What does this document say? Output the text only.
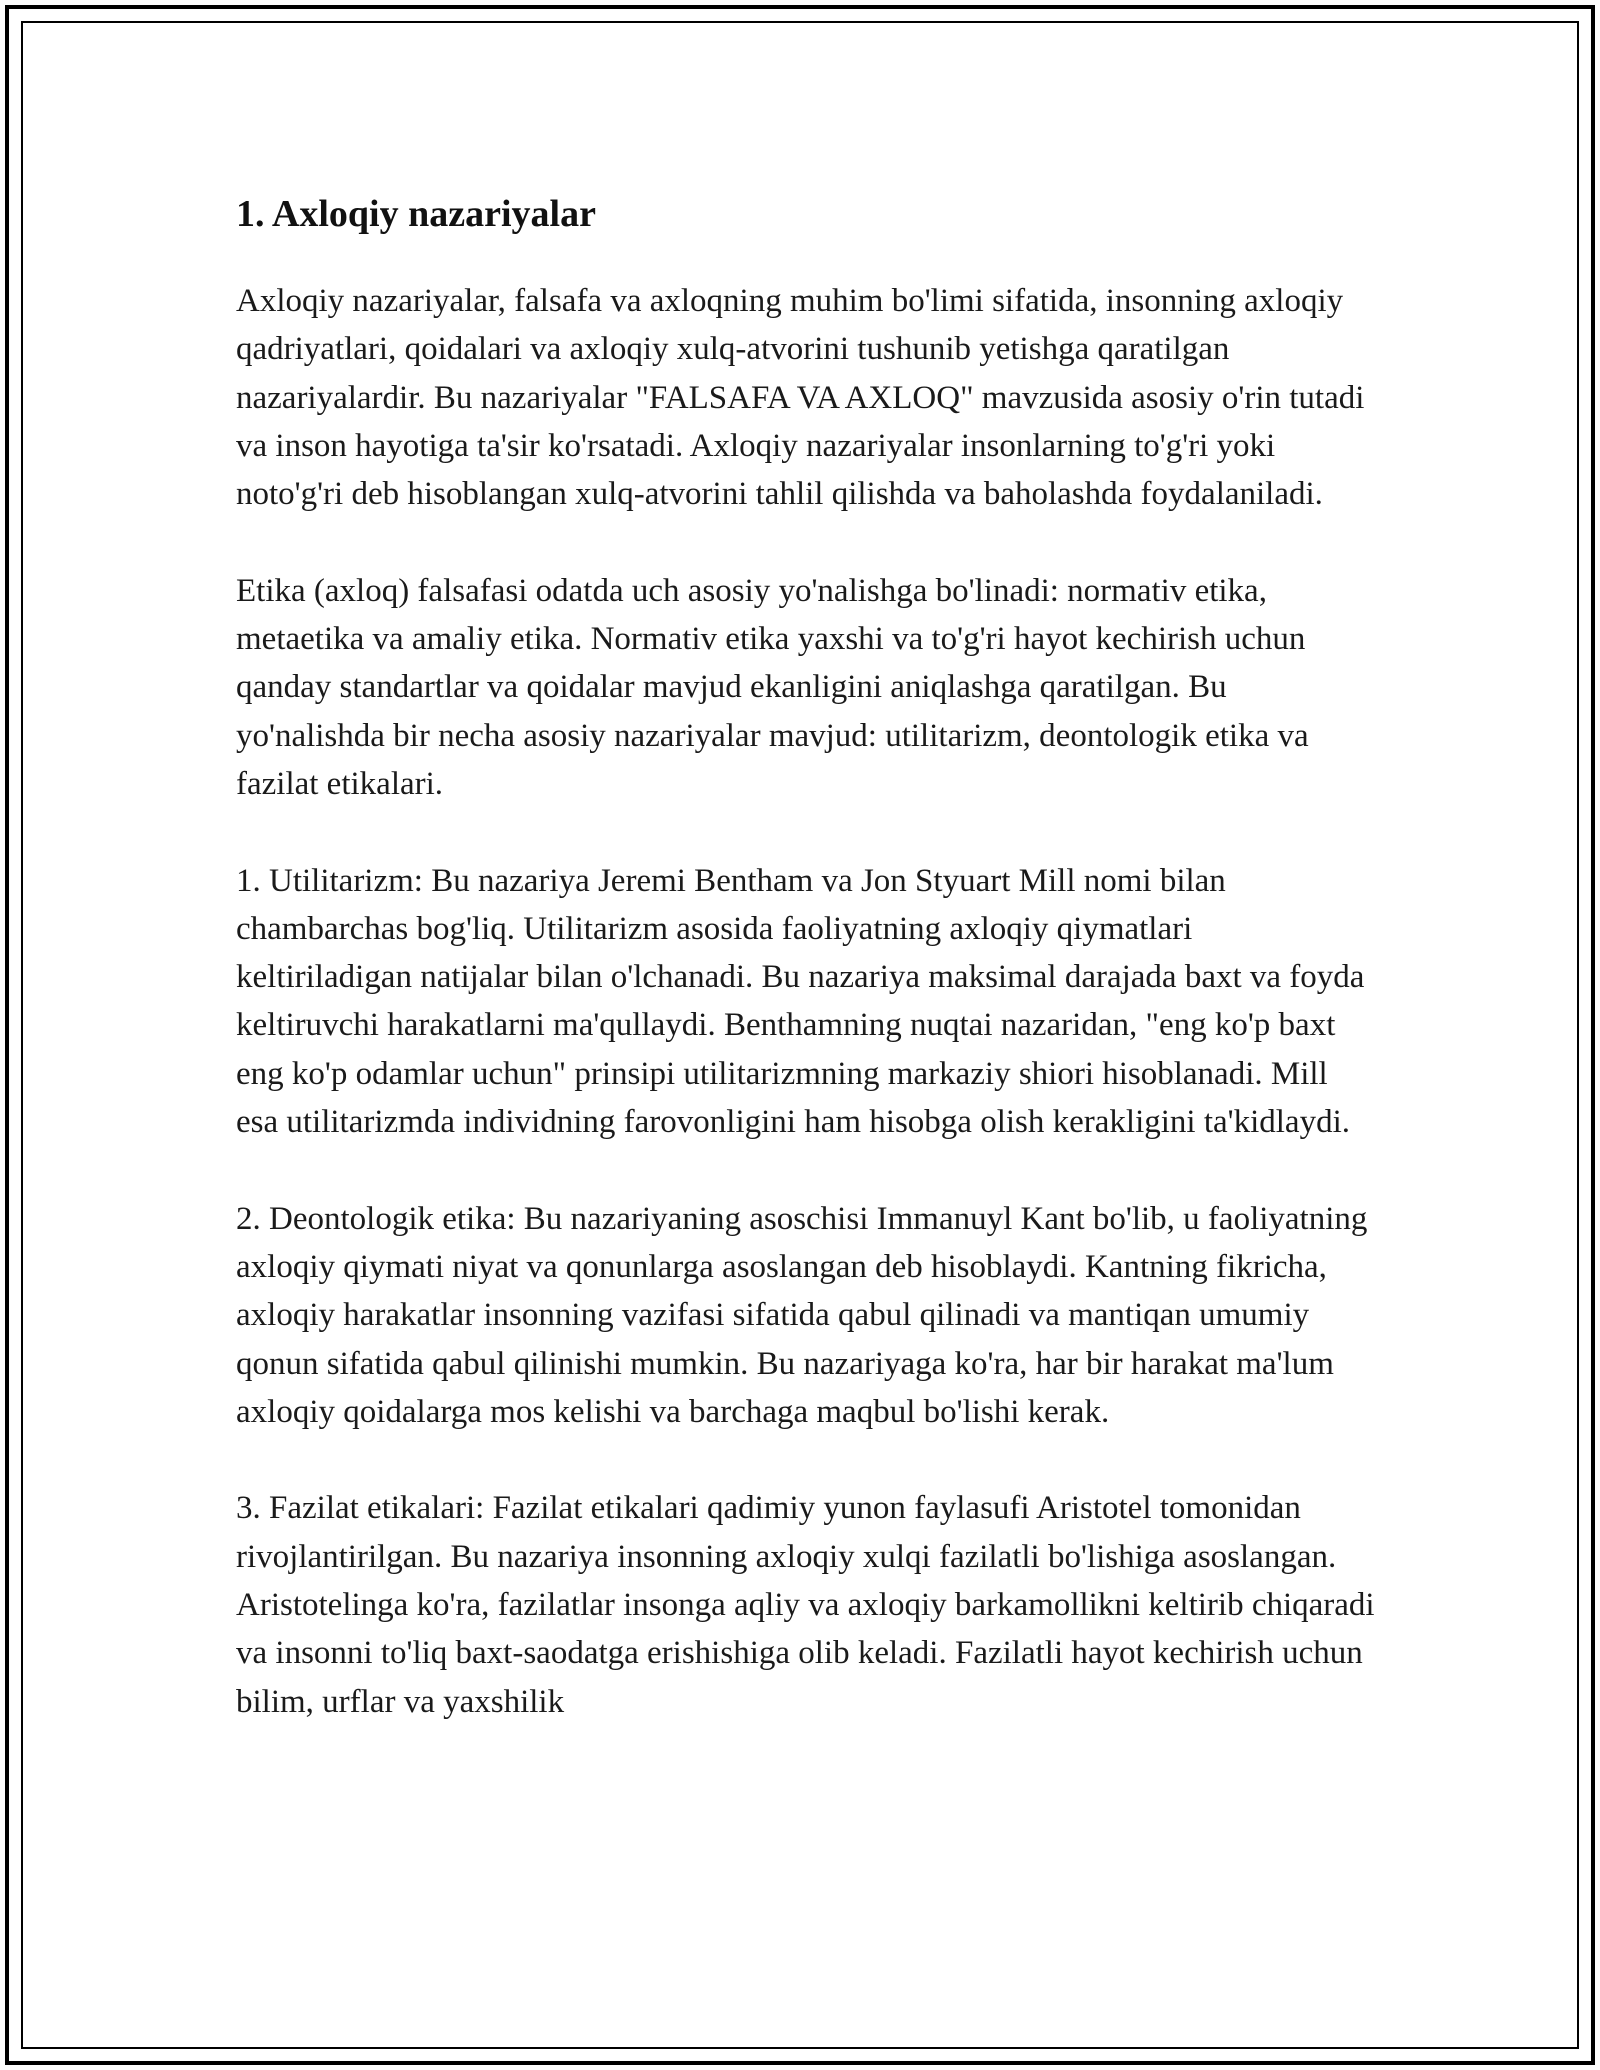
1. Axloqiy nazariyalar

Axloqiy nazariyalar, falsafa va axloqning muhim bo'limi sifatida, insonning axloqiy qadriyatlari, qoidalari va axloqiy xulq-atvorini tushunib yetishga qaratilgan nazariyalardir. Bu nazariyalar "FALSAFA VA AXLOQ" mavzusida asosiy o'rin tutadi va inson hayotiga ta'sir ko'rsatadi. Axloqiy nazariyalar insonlarning to'g'ri yoki noto'g'ri deb hisoblangan xulq-atvorini tahlil qilishda va baholashda foydalaniladi.

Etika (axloq) falsafasi odatda uch asosiy yo'nalishga bo'linadi: normativ etika, metaetika va amaliy etika. Normativ etika yaxshi va to'g'ri hayot kechirish uchun qanday standartlar va qoidalar mavjud ekanligini aniqlashga qaratilgan. Bu yo'nalishda bir necha asosiy nazariyalar mavjud: utilitarizm, deontologik etika va fazilat etikalari.

1. Utilitarizm: Bu nazariya Jeremi Bentham va Jon Styuart Mill nomi bilan chambarchas bog'liq. Utilitarizm asosida faoliyatning axloqiy qiymatlari keltiriladigan natijalar bilan o'lchanadi. Bu nazariya maksimal darajada baxt va foyda keltiruvchi harakatlarni ma'qullaydi. Benthamning nuqtai nazaridan, "eng ko'p baxt eng ko'p odamlar uchun" prinsipi utilitarizmning markaziy shiori hisoblanadi. Mill esa utilitarizmda individning farovonligini ham hisobga olish kerakligini ta'kidlaydi.

2. Deontologik etika: Bu nazariyaning asoschisi Immanuyl Kant bo'lib, u faoliyatning axloqiy qiymati niyat va qonunlarga asoslangan deb hisoblaydi. Kantning fikricha, axloqiy harakatlar insonning vazifasi sifatida qabul qilinadi va mantiqan umumiy qonun sifatida qabul qilinishi mumkin. Bu nazariyaga ko'ra, har bir harakat ma'lum axloqiy qoidalarga mos kelishi va barchaga maqbul bo'lishi kerak.

3. Fazilat etikalari: Fazilat etikalari qadimiy yunon faylasufi Aristotel tomonidan rivojlantirilgan. Bu nazariya insonning axloqiy xulqi fazilatli bo'lishiga asoslangan. Aristotelinga ko'ra, fazilatlar insonga aqliy va axloqiy barkamollikni keltirib chiqaradi va insonni to'liq baxt-saodatga erishishiga olib keladi. Fazilatli hayot kechirish uchun bilim, urflar va yaxshilik
